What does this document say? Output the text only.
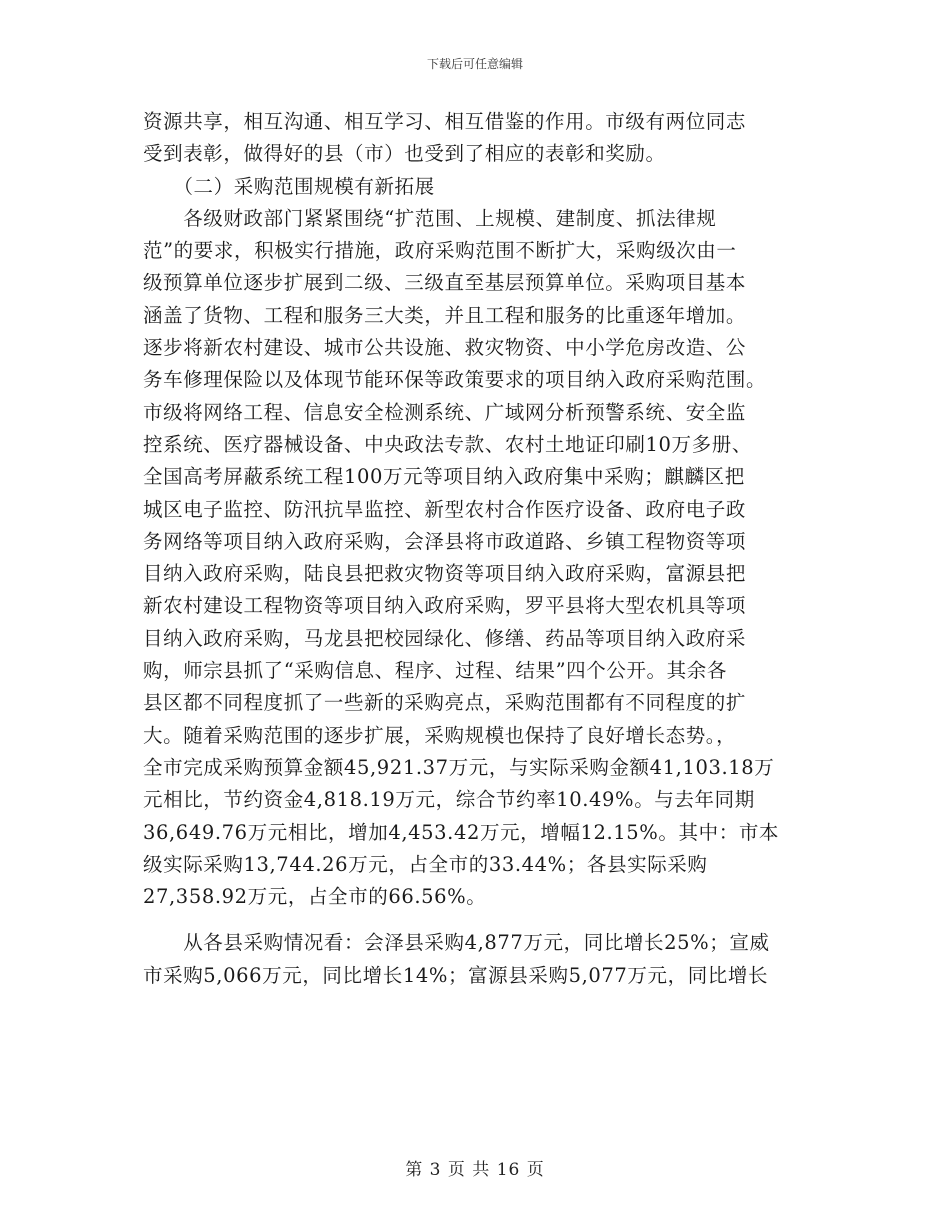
下载后可任意编辑
资源共享，相互沟通、相互学习、相互借鉴的作用。市级有两位同志
受到表彰，做得好的县（市）也受到了相应的表彰和奖励。
　　（二）采购范围规模有新拓展
　　各级财政部门紧紧围绕“扩范围、上规模、建制度、抓法律规
范”的要求，积极实行措施，政府采购范围不断扩大，采购级次由一
级预算单位逐步扩展到二级、三级直至基层预算单位。采购项目基本
涵盖了货物、工程和服务三大类，并且工程和服务的比重逐年增加。
逐步将新农村建设、城市公共设施、救灾物资、中小学危房改造、公
务车修理保险以及体现节能环保等政策要求的项目纳入政府采购范围。
市级将网络工程、信息安全检测系统、广域网分析预警系统、安全监
控系统、医疗器械设备、中央政法专款、农村土地证印刷10万多册、
全国高考屏蔽系统工程100万元等项目纳入政府集中采购；麒麟区把
城区电子监控、防汛抗旱监控、新型农村合作医疗设备、政府电子政
务网络等项目纳入政府采购，会泽县将市政道路、乡镇工程物资等项
目纳入政府采购，陆良县把救灾物资等项目纳入政府采购，富源县把
新农村建设工程物资等项目纳入政府采购，罗平县将大型农机具等项
目纳入政府采购，马龙县把校园绿化、修缮、药品等项目纳入政府采
购，师宗县抓了“采购信息、程序、过程、结果”四个公开。其余各
县区都不同程度抓了一些新的采购亮点，采购范围都有不同程度的扩
大。随着采购范围的逐步扩展，采购规模也保持了良好增长态势。，
全市完成采购预算金额45,921.37万元，与实际采购金额41,103.18万
元相比，节约资金4,818.19万元，综合节约率10.49%。与去年同期
36,649.76万元相比，增加4,453.42万元，增幅12.15%。其中：市本
级实际采购13,744.26万元，占全市的33.44%；各县实际采购
27,358.92万元，占全市的66.56%。
　　从各县采购情况看：会泽县采购4,877万元，同比增长25%；宣威
市采购5,066万元，同比增长14%；富源县采购5,077万元，同比增长
第 3 页 共 16 页
